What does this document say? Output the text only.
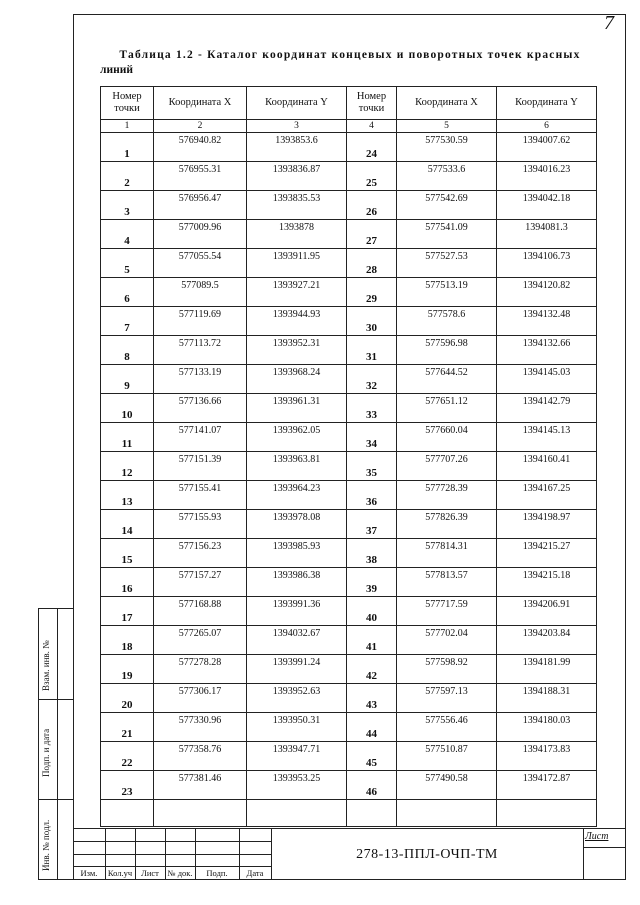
7
Таблица 1.2 - Каталог координат концевых и поворотных точек красных
линий
Номер точки	Координата X	Координата Y	Номер точки	Координата X	Координата Y
1	2	3	4	5	6
1	576940.82	1393853.6	24	577530.59	1394007.62
2	576955.31	1393836.87	25	577533.6	1394016.23
3	576956.47	1393835.53	26	577542.69	1394042.18
4	577009.96	1393878	27	577541.09	1394081.3
5	577055.54	1393911.95	28	577527.53	1394106.73
6	577089.5	1393927.21	29	577513.19	1394120.82
7	577119.69	1393944.93	30	577578.6	1394132.48
8	577113.72	1393952.31	31	577596.98	1394132.66
9	577133.19	1393968.24	32	577644.52	1394145.03
10	577136.66	1393961.31	33	577651.12	1394142.79
11	577141.07	1393962.05	34	577660.04	1394145.13
12	577151.39	1393963.81	35	577707.26	1394160.41
13	577155.41	1393964.23	36	577728.39	1394167.25
14	577155.93	1393978.08	37	577826.39	1394198.97
15	577156.23	1393985.93	38	577814.31	1394215.27
16	577157.27	1393986.38	39	577813.57	1394215.18
17	577168.88	1393991.36	40	577717.59	1394206.91
18	577265.07	1394032.67	41	577702.04	1394203.84
19	577278.28	1393991.24	42	577598.92	1394181.99
20	577306.17	1393952.63	43	577597.13	1394188.31
21	577330.96	1393950.31	44	577556.46	1394180.03
22	577358.76	1393947.71	45	577510.87	1394173.83
23	577381.46	1393953.25	46	577490.58	1394172.87

Взам. инв. №
Подп. и дата
Инв. № подл.
Изм.	Кол.уч	Лист	№ док.	Подп.	Дата
278-13-ППЛ-ОЧП-ТМ
Лист
